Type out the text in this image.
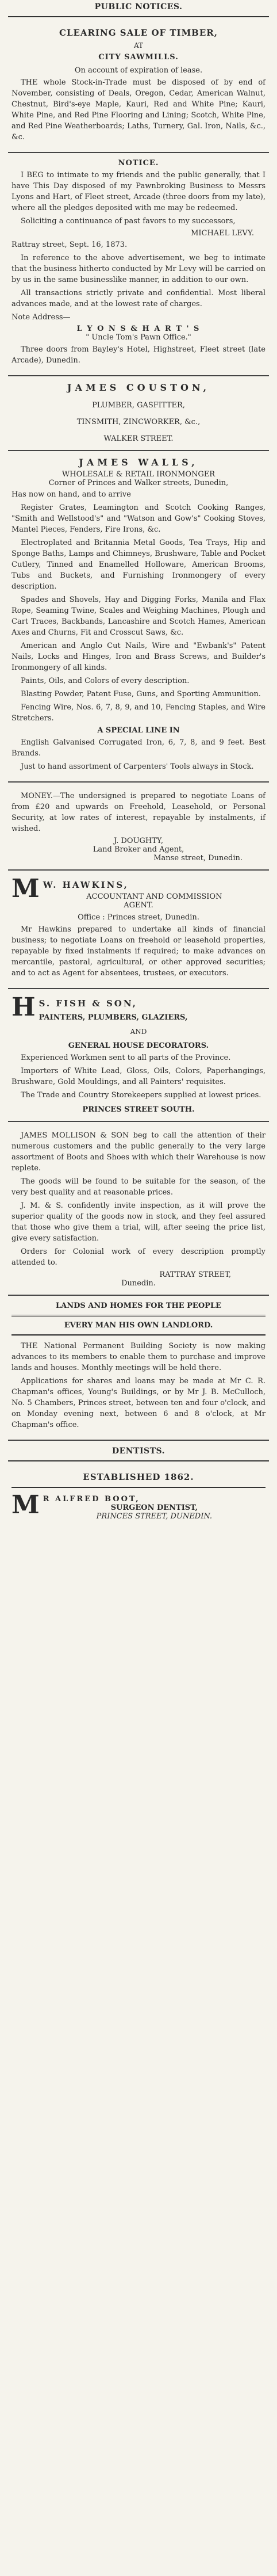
PUBLIC NOTICES.
CLEARING SALE OF TIMBER,
AT
CITY SAWMILLS.
On account of expiration of lease.

THE whole Stock-in-Trade must be disposed of by end of November, consisting of Deals, Oregon, Cedar, American Walnut, Chestnut, Bird's-eye Maple, Kauri, Red and White Pine; Kauri, White Pine, and Red Pine Flooring and Lining; Scotch, White Pine, and Red Pine Weatherboards; Laths, Turnery, Gal. Iron, Nails, &c., &c.

NOTICE.

I BEG to intimate to my friends and the public generally, that I have This Day disposed of my Pawnbroking Business to Messrs Lyons and Hart, of Fleet street, Arcade (three doors from my late), where all the pledges deposited with me may be redeemed.

Soliciting a continuance of past favors to my successors,

MICHAEL LEVY.
Rattray street, Sept. 16, 1873.

In reference to the above advertisement, we beg to intimate that the business hitherto conducted by Mr Levy will be carried on by us in the same businesslike manner, in addition to our own.

All transactions strictly private and confidential. Most liberal advances made, and at the lowest rate of charges.

Note Address—
L Y O N S & H A R T ' S
" Uncle Tom's Pawn Office."

Three doors from Bayley's Hotel, Highstreet, Fleet street (late Arcade), Dunedin.

JAMES COUSTON,
PLUMBER, GASFITTER,
TINSMITH, ZINCWORKER, &c.,
WALKER STREET.
JAMES WALLS,
WHOLESALE & RETAIL IRONMONGER
Corner of Princes and Walker streets, Dunedin,
Has now on hand, and to arrive

Register Grates, Leamington and Scotch Cooking Ranges, "Smith and Wellstood's" and "Watson and Gow's" Cooking Stoves, Mantel Pieces, Fenders, Fire Irons, &c.

Electroplated and Britannia Metal Goods, Tea Trays, Hip and Sponge Baths, Lamps and Chimneys, Brushware, Table and Pocket Cutlery, Tinned and Enamelled Holloware, American Brooms, Tubs and Buckets, and Furnishing Ironmongery of every description.

Spades and Shovels, Hay and Digging Forks, Manila and Flax Rope, Seaming Twine, Scales and Weighing Machines, Plough and Cart Traces, Backbands, Lancashire and Scotch Hames, American Axes and Churns, Fit and Crosscut Saws, &c.

American and Anglo Cut Nails, Wire and "Ewbank's" Patent Nails, Locks and Hinges, Iron and Brass Screws, and Builder's Ironmongery of all kinds.

Paints, Oils, and Colors of every description.

Blasting Powder, Patent Fuse, Guns, and Sporting Ammunition.

Fencing Wire, Nos. 6, 7, 8, 9, and 10, Fencing Staples, and Wire Stretchers.

A SPECIAL LINE IN

English Galvanised Corrugated Iron, 6, 7, 8, and 9 feet. Best Brands.

Just to hand assortment of Carpenters' Tools always in Stock.

MONEY.—The undersigned is prepared to negotiate Loans of from £20 and upwards on Freehold, Leasehold, or Personal Security, at low rates of interest, repayable by instalments, if wished.

J. DOUGHTY,
Land Broker and Agent,
Manse street, Dunedin.
M W. HAWKINS,
ACCOUNTANT AND COMMISSION
AGENT.
Office : Princes street, Dunedin.

Mr Hawkins prepared to undertake all kinds of financial business; to negotiate Loans on freehold or leasehold properties, repayable by fixed instalments if required; to make advances on mercantile, pastoral, agricultural, or other approved securities; and to act as Agent for absentees, trustees, or executors.

H S. FISH & SON,
PAINTERS, PLUMBERS, GLAZIERS,
AND
GENERAL HOUSE DECORATORS.

Experienced Workmen sent to all parts of the Province.

Importers of White Lead, Gloss, Oils, Colors, Paperhangings, Brushware, Gold Mouldings, and all Painters' requisites.

The Trade and Country Storekeepers supplied at lowest prices.

PRINCES STREET SOUTH.

JAMES MOLLISON & SON beg to call the attention of their numerous customers and the public generally to the very large assortment of Boots and Shoes with which their Warehouse is now replete.

The goods will be found to be suitable for the season, of the very best quality and at reasonable prices.

J. M. & S. confidently invite inspection, as it will prove the superior quality of the goods now in stock, and they feel assured that those who give them a trial, will, after seeing the price list, give every satisfaction.

Orders for Colonial work of every description promptly attended to.

RATTRAY STREET,
Dunedin.
LANDS AND HOMES FOR THE PEOPLE
EVERY MAN HIS OWN LANDLORD.

THE National Permanent Building Society is now making advances to its members to enable them to purchase and improve lands and houses. Monthly meetings will be held there.

Applications for shares and loans may be made at Mr C. R. Chapman's offices, Young's Buildings, or by Mr J. B. McCulloch, No. 5 Chambers, Princes street, between ten and four o'clock, and on Monday evening next, between 6 and 8 o'clock, at Mr Chapman's office.

DENTISTS.
ESTABLISHED 1862.
M R ALFRED BOOT,
SURGEON DENTIST,
PRINCES STREET, DUNEDIN.
